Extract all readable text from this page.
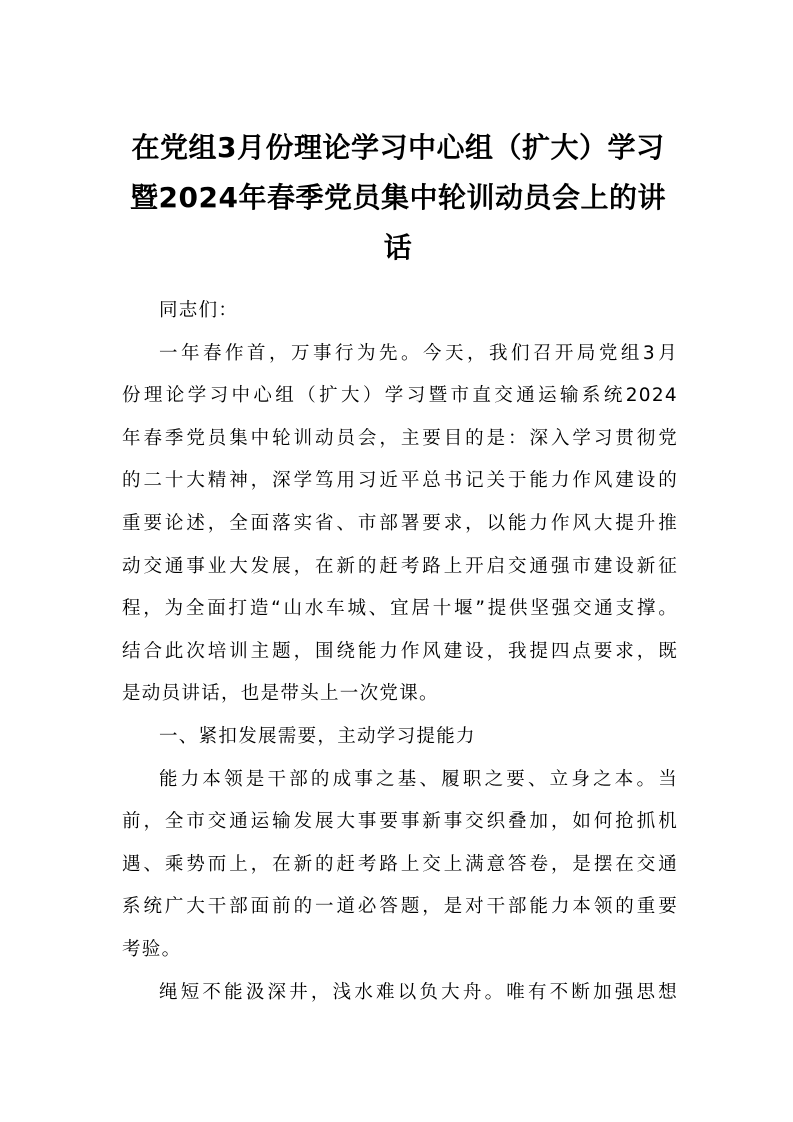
在党组3月份理论学习中心组（扩大）学习
暨2024年春季党员集中轮训动员会上的讲
话

同志们：

一年春作首，万事行为先。今天，我们召开局党组3月
份理论学习中心组（扩大）学习暨市直交通运输系统2024
年春季党员集中轮训动员会，主要目的是：深入学习贯彻党
的二十大精神，深学笃用习近平总书记关于能力作风建设的
重要论述，全面落实省、市部署要求，以能力作风大提升推
动交通事业大发展，在新的赶考路上开启交通强市建设新征
程，为全面打造“山水车城、宜居十堰”提供坚强交通支撑。
结合此次培训主题，围绕能力作风建设，我提四点要求，既
是动员讲话，也是带头上一次党课。

一、紧扣发展需要，主动学习提能力

能力本领是干部的成事之基、履职之要、立身之本。当
前，全市交通运输发展大事要事新事交织叠加，如何抢抓机
遇、乘势而上，在新的赶考路上交上满意答卷，是摆在交通
系统广大干部面前的一道必答题，是对干部能力本领的重要
考验。

绳短不能汲深井，浅水难以负大舟。唯有不断加强思想
